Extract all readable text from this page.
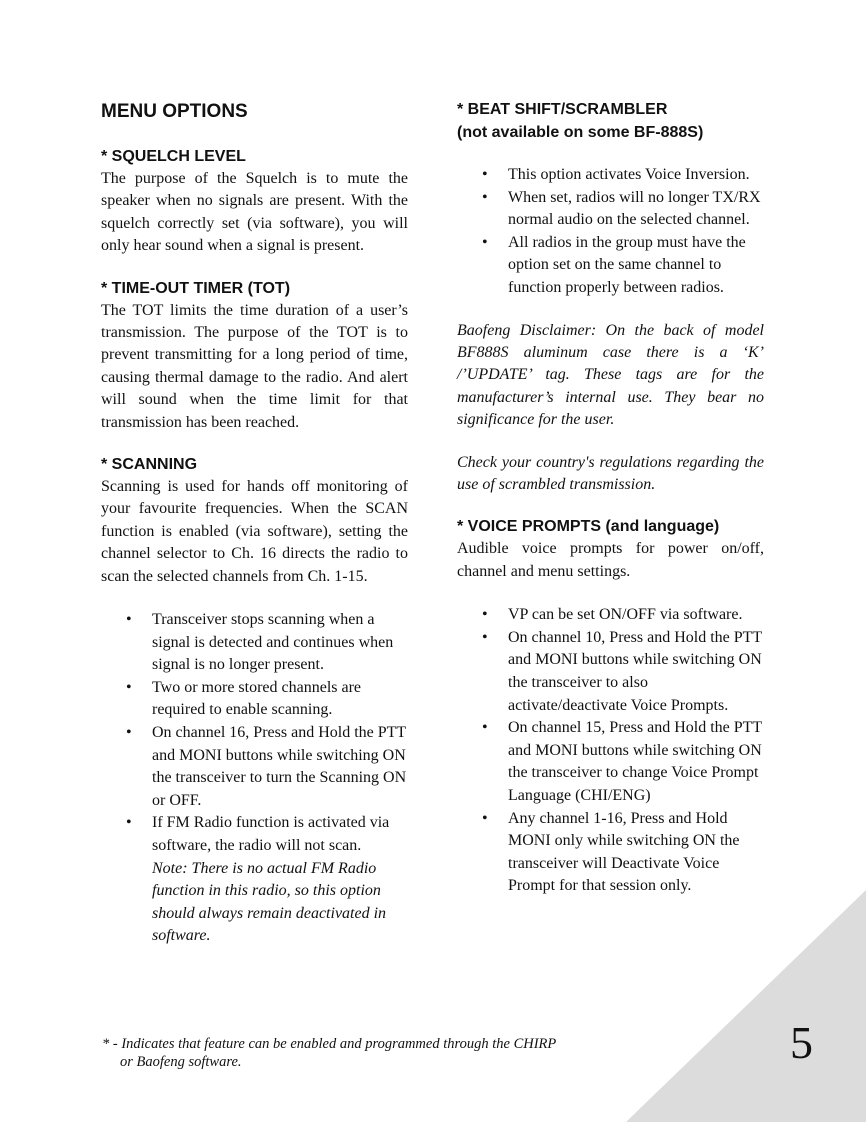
MENU OPTIONS
* SQUELCH LEVEL

The purpose of the Squelch is to mute the speaker when no signals are present. With the squelch correctly set (via software), you will only hear sound when a signal is present.

* TIME-OUT TIMER (TOT)

The TOT limits the time duration of a user’s transmission. The purpose of the TOT is to prevent transmitting for a long period of time, causing thermal damage to the radio. And alert will sound when the time limit for that transmission has been reached.

* SCANNING

Scanning is used for hands off monitoring of your favourite frequencies. When the SCAN function is enabled (via software), setting the channel selector to Ch. 16 directs the radio to scan the selected channels from Ch. 1-15.

• Transceiver stops scanning when a signal is detected and continues when signal is no longer present.
• Two or more stored channels are required to enable scanning.
• On channel 16, Press and Hold the PTT and MONI buttons while switching ON the transceiver to turn the Scanning ON or OFF.
• If FM Radio function is activated via software, the radio will not scan.
Note: There is no actual FM Radio function in this radio, so this option should always remain deactivated in software.
* BEAT SHIFT/SCRAMBLER
(not available on some BF-888S)
• This option activates Voice Inversion.
• When set, radios will no longer TX/RX normal audio on the selected channel.
• All radios in the group must have the option set on the same channel to function properly between radios.

Baofeng Disclaimer: On the back of model BF888S aluminum case there is a ‘K’ /’UPDATE’ tag. These tags are for the manufacturer’s internal use. They bear no significance for the user.

Check your country's regulations regarding the use of scrambled transmission.

* VOICE PROMPTS (and language)

Audible voice prompts for power on/off, channel and menu settings.

• VP can be set ON/OFF via software.
• On channel 10, Press and Hold the PTT and MONI buttons while switching ON the transceiver to also activate/deactivate Voice Prompts.
• On channel 15, Press and Hold the PTT and MONI buttons while switching ON the transceiver to change Voice Prompt Language (CHI/ENG)
• Any channel 1-16, Press and Hold MONI only while switching ON the transceiver will Deactivate Voice Prompt for that session only.
* - Indicates that feature can be enabled and programmed through the CHIRP
or Baofeng software.	5
